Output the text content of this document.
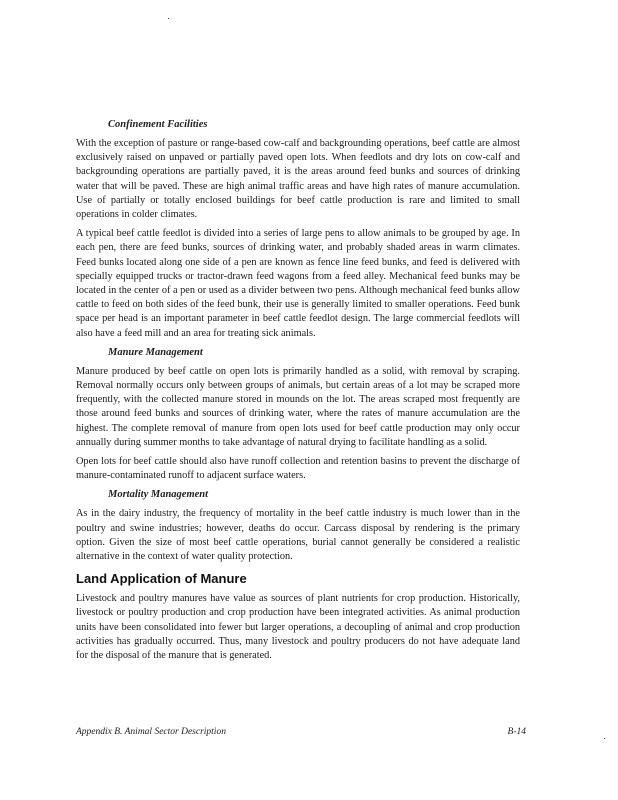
Confinement Facilities

With the exception of pasture or range-based cow-calf and backgrounding operations, beef cattle are almost exclusively raised on unpaved or partially paved open lots. When feedlots and dry lots on cow-calf and backgrounding operations are partially paved, it is the areas around feed bunks and sources of drinking water that will be paved. These are high animal traffic areas and have high rates of manure accumulation. Use of partially or totally enclosed buildings for beef cattle production is rare and limited to small operations in colder climates.

A typical beef cattle feedlot is divided into a series of large pens to allow animals to be grouped by age. In each pen, there are feed bunks, sources of drinking water, and probably shaded areas in warm climates. Feed bunks located along one side of a pen are known as fence line feed bunks, and feed is delivered with specially equipped trucks or tractor-drawn feed wagons from a feed alley. Mechanical feed bunks may be located in the center of a pen or used as a divider between two pens. Although mechanical feed bunks allow cattle to feed on both sides of the feed bunk, their use is generally limited to smaller operations. Feed bunk space per head is an important parameter in beef cattle feedlot design. The large commercial feedlots will also have a feed mill and an area for treating sick animals.

Manure Management

Manure produced by beef cattle on open lots is primarily handled as a solid, with removal by scraping. Removal normally occurs only between groups of animals, but certain areas of a lot may be scraped more frequently, with the collected manure stored in mounds on the lot. The areas scraped most frequently are those around feed bunks and sources of drinking water, where the rates of manure accumulation are the highest. The complete removal of manure from open lots used for beef cattle production may only occur annually during summer months to take advantage of natural drying to facilitate handling as a solid.

Open lots for beef cattle should also have runoff collection and retention basins to prevent the discharge of manure-contaminated runoff to adjacent surface waters.

Mortality Management

As in the dairy industry, the frequency of mortality in the beef cattle industry is much lower than in the poultry and swine industries; however, deaths do occur. Carcass disposal by rendering is the primary option. Given the size of most beef cattle operations, burial cannot generally be considered a realistic alternative in the context of water quality protection.

Land Application of Manure

Livestock and poultry manures have value as sources of plant nutrients for crop production. Historically, livestock or poultry production and crop production have been integrated activities. As animal production units have been consolidated into fewer but larger operations, a decoupling of animal and crop production activities has gradually occurred. Thus, many livestock and poultry producers do not have adequate land for the disposal of the manure that is generated.

Appendix B. Animal Sector Description	B-14
